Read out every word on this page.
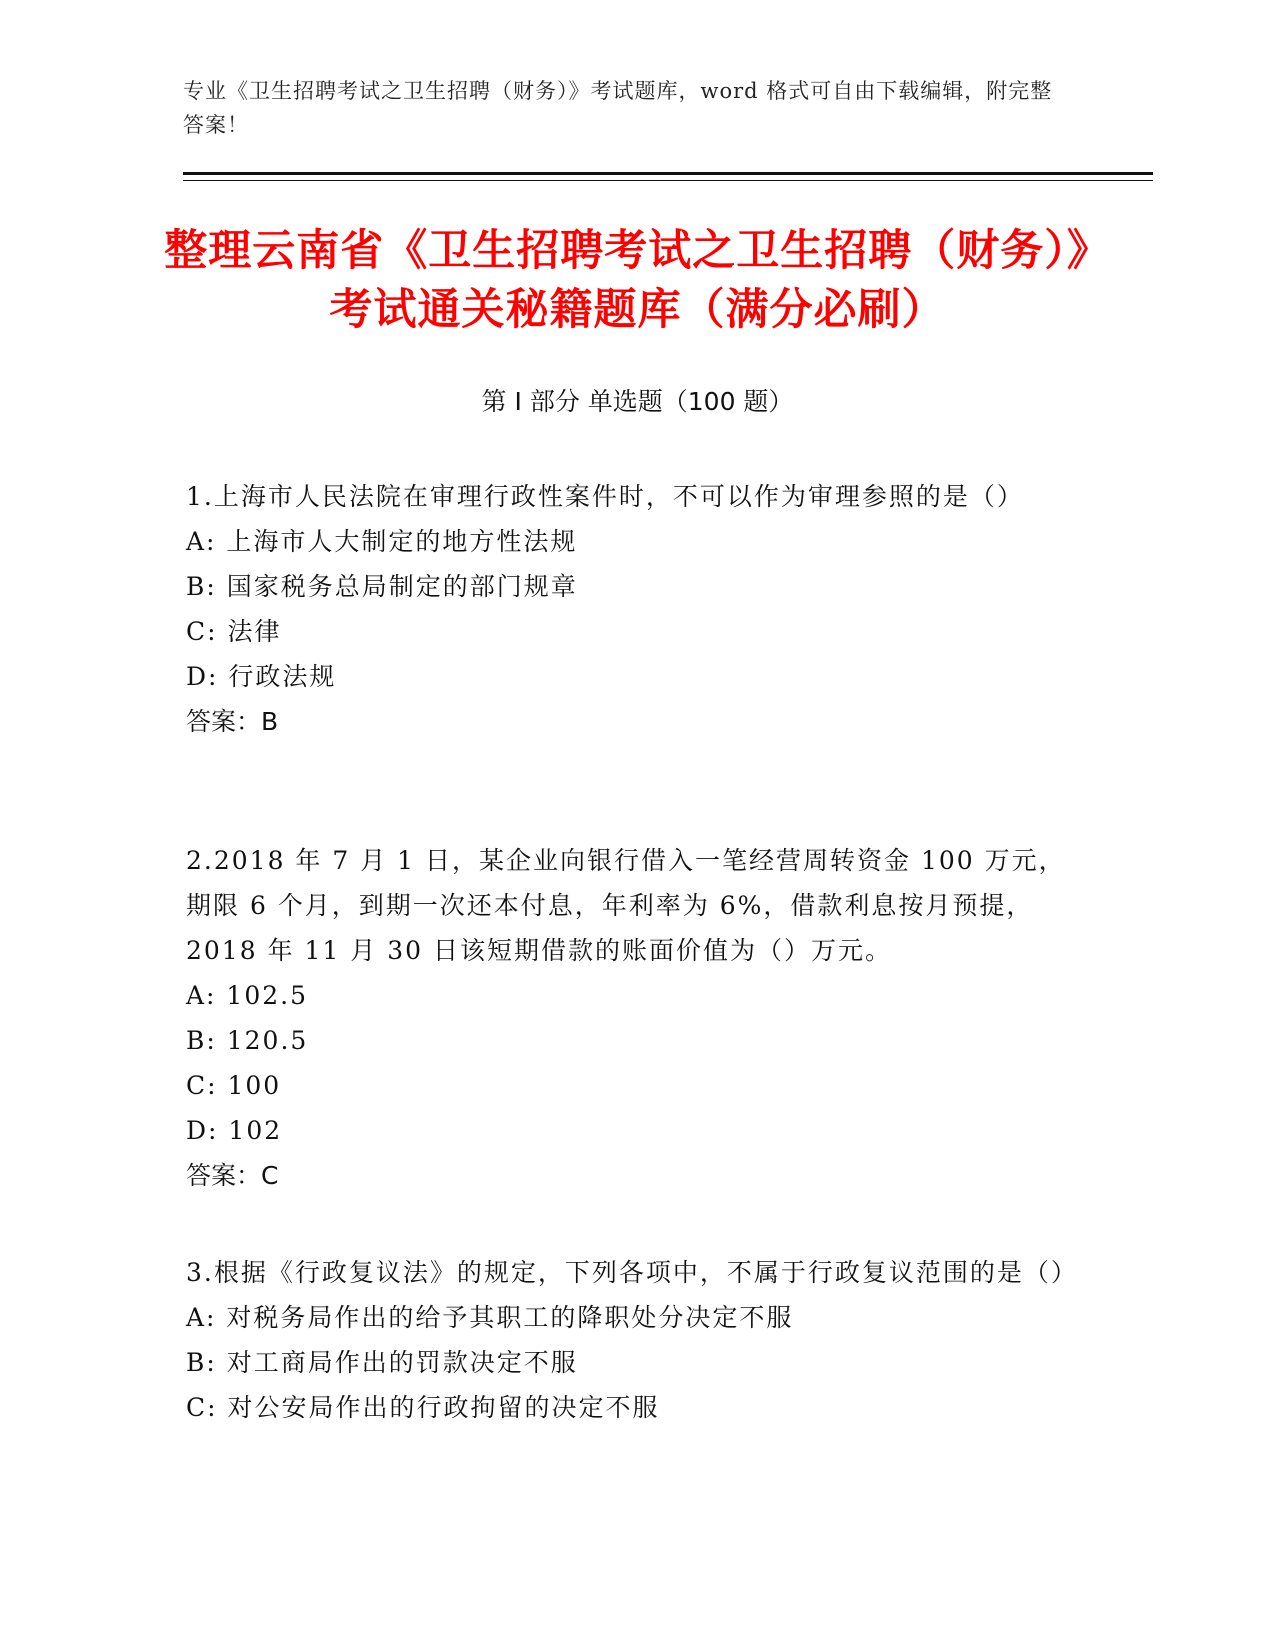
专业《卫生招聘考试之卫生招聘（财务）》考试题库，word 格式可自由下载编辑，附完整答案！
整理云南省《卫生招聘考试之卫生招聘（财务）》考试通关秘籍题库（满分必刷）
第 I 部分 单选题（100 题）

1.上海市人民法院在审理行政性案件时，不可以作为审理参照的是（）

A: 上海市人大制定的地方性法规

B: 国家税务总局制定的部门规章

C: 法律

D: 行政法规

答案：B

2.2018 年 7 月 1 日，某企业向银行借入一笔经营周转资金 100 万元，期限 6 个月，到期一次还本付息，年利率为 6%，借款利息按月预提，2018 年 11 月 30 日该短期借款的账面价值为（）万元。

A: 102.5

B: 120.5

C: 100

D: 102

答案：C

3.根据《行政复议法》的规定，下列各项中，不属于行政复议范围的是（）

A: 对税务局作出的给予其职工的降职处分决定不服

B: 对工商局作出的罚款决定不服

C: 对公安局作出的行政拘留的决定不服
